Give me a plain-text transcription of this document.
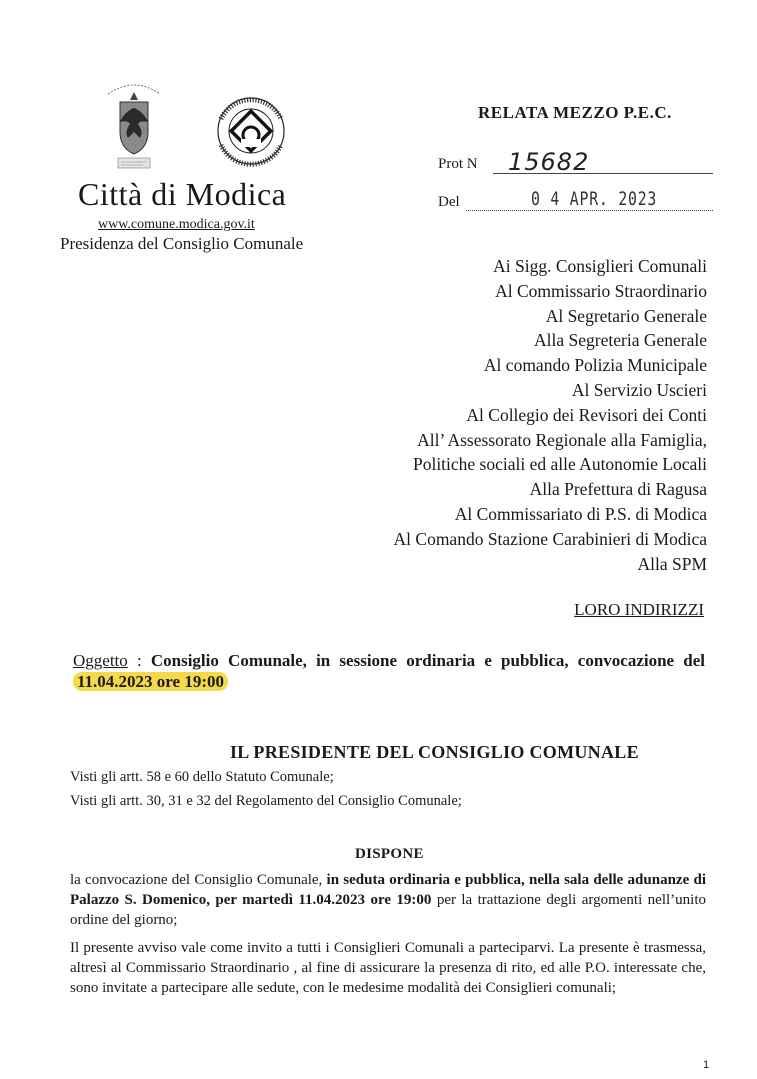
Città di Modica
www.comune.modica.gov.it
Presidenza del Consiglio Comunale
RELATA MEZZO P.E.C.
Prot N 15682
Del	0 4 APR. 2023
Ai Sigg. Consiglieri Comunali
Al Commissario Straordinario
Al Segretario Generale
Alla Segreteria Generale
Al comando Polizia Municipale
Al Servizio Uscieri
Al Collegio dei Revisori dei Conti
All’ Assessorato Regionale alla Famiglia,
Politiche sociali ed alle Autonomie Locali
Alla Prefettura di Ragusa
Al Commissariato di P.S. di Modica
Al Comando Stazione Carabinieri di Modica
Alla SPM
LORO INDIRIZZI
Oggetto : Consiglio Comunale, in sessione ordinaria e pubblica, convocazione del 11.04.2023 ore 19:00
IL PRESIDENTE DEL CONSIGLIO COMUNALE
Visti gli artt. 58 e 60 dello Statuto Comunale;
Visti gli artt. 30, 31 e 32 del Regolamento del Consiglio Comunale;
DISPONE
la convocazione del Consiglio Comunale, in seduta ordinaria e pubblica, nella sala delle adunanze di Palazzo S. Domenico, per martedì 11.04.2023 ore 19:00 per la trattazione degli argomenti nell’unito ordine del giorno;
Il presente avviso vale come invito a tutti i Consiglieri Comunali a parteciparvi. La presente è trasmessa, altresì al Commissario Straordinario , al fine di assicurare la presenza di rito, ed alle P.O. interessate che, sono invitate a partecipare alle sedute, con le medesime modalità dei Consiglieri comunali;
1
